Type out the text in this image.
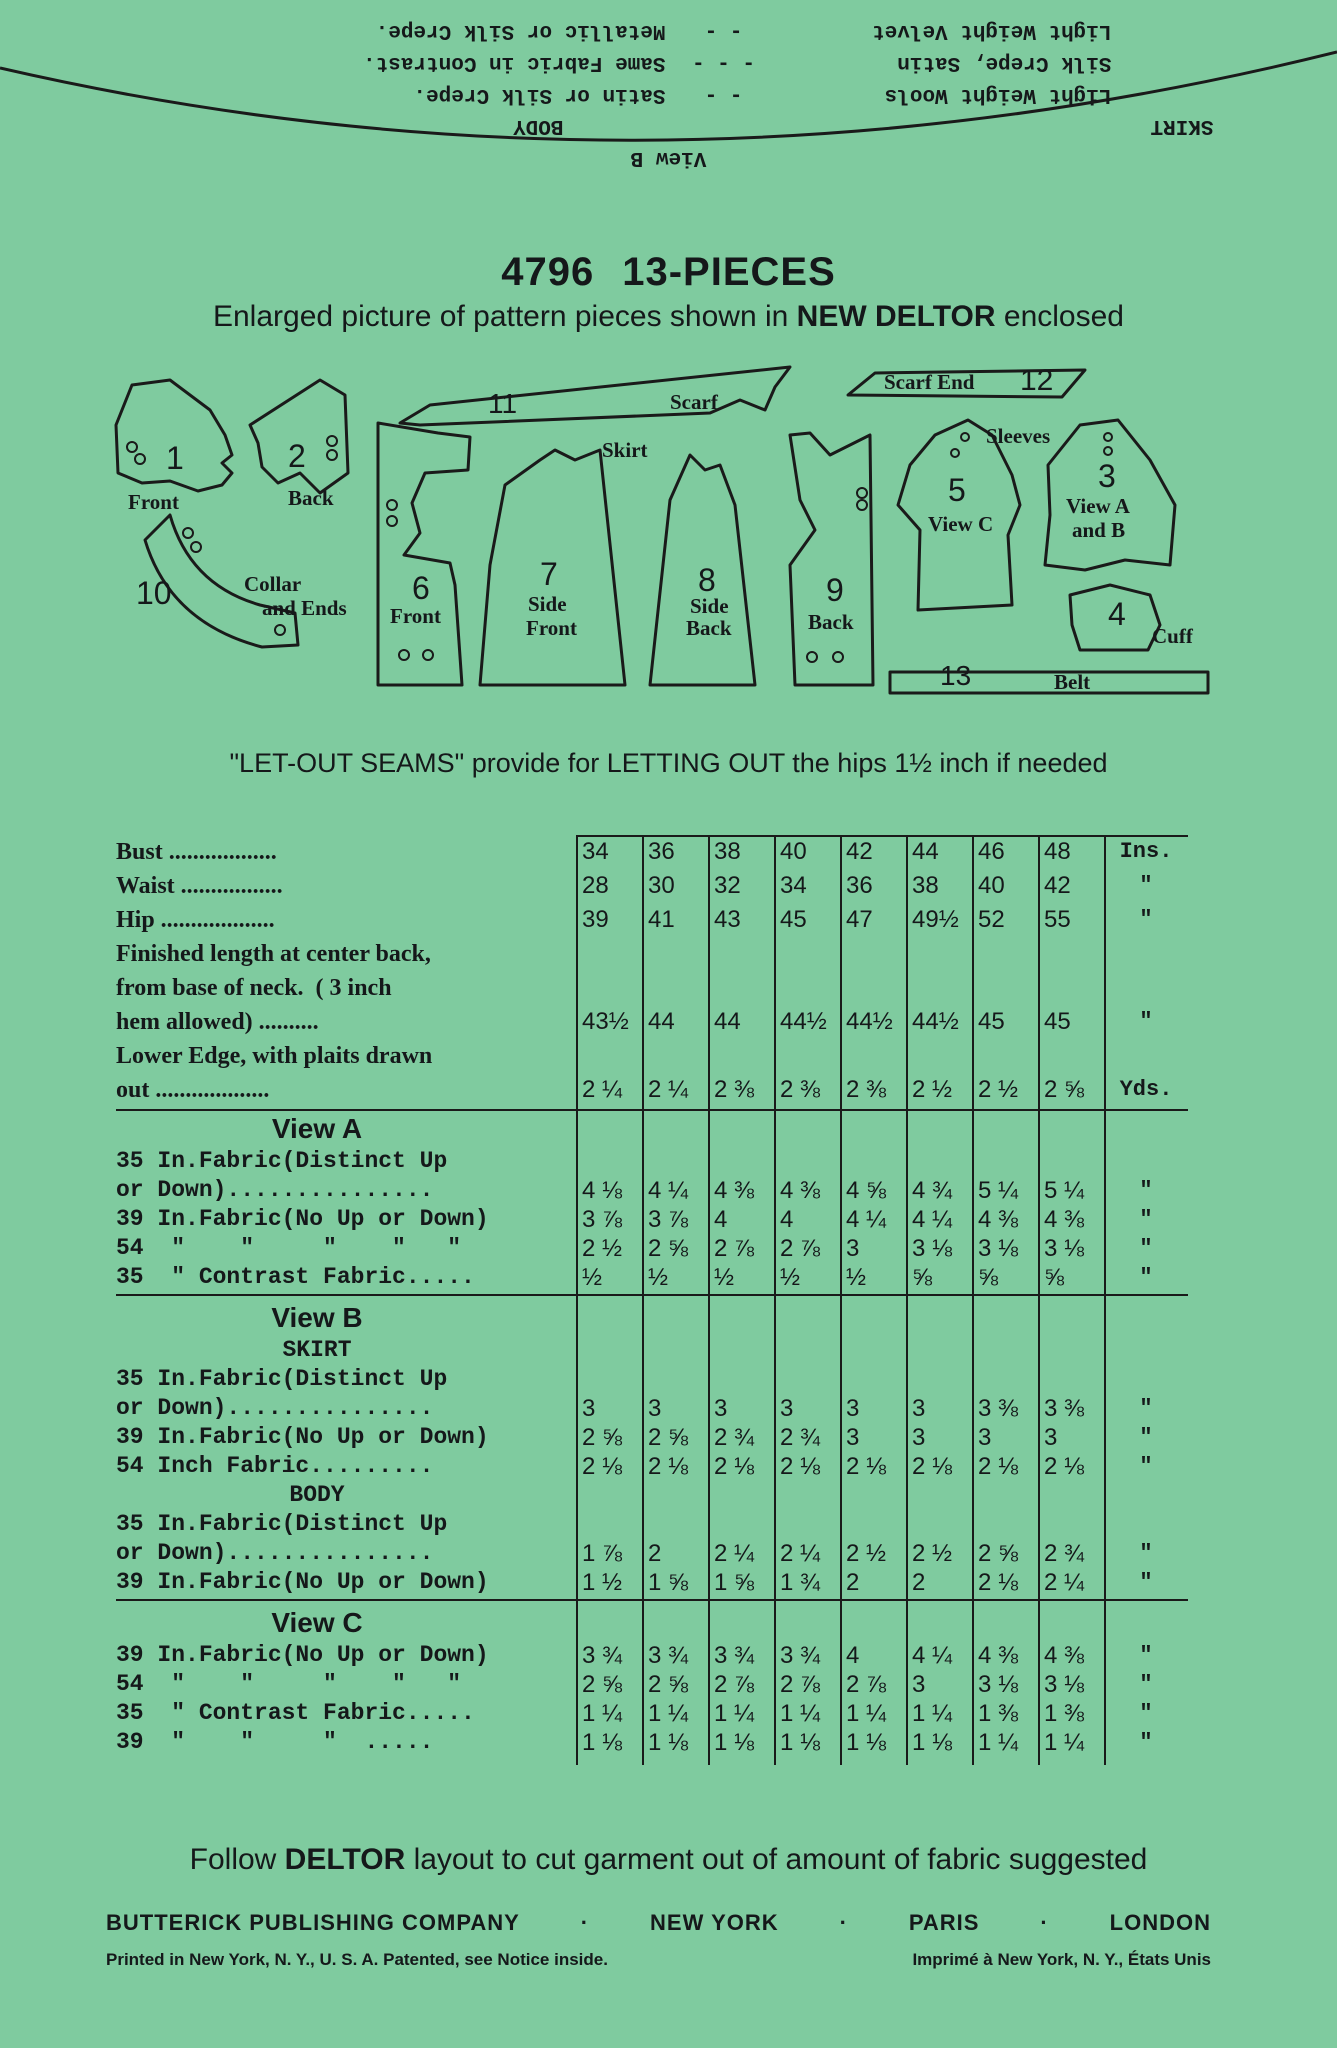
View B
SKIRT
BODY
Light Weight Wools
- -
Satin or Silk Crepe.
Silk Crepe, Satin
- - -
Same Fabric in Contrast.
Light Weight Velvet
- -
Metallic or Silk Crepe.
4796 13-PIECES
Enlarged picture of pattern pieces shown in NEW DELTOR enclosed
1
Front
2
Back
10	Collar
and Ends
11	Scarf
Skirt
6
Front
7
Side
Front
8
Side
Back
9
Back
Scarf End 12
Sleeves
5
View C
3
View A
and B
4
Cuff
13	Belt
"LET-OUT SEAMS" provide for LETTING OUT the hips 1½ inch if needed
Bust ..................	34	36	38	40	42	44	46	48	Ins.
Waist .................	28	30	32	34	36	38	40	42	"
Hip ...................	39	41	43	45	47	49½ 52	55	"
Finished length at center back,
from base of neck.  ( 3 inch
hem allowed) ..........	43½ 44	44	44½ 44½ 44½ 45	45	"
Lower Edge, with plaits drawn
out ...................	2 ¼	2 ¼	2 ⅜	2 ⅜	2 ⅜	2 ½	2 ½	2 ⅝	Yds.
View A
35 In.Fabric(Distinct Up
or Down)...............	4 ⅛	4 ¼	4 ⅜	4 ⅜	4 ⅝	4 ¾	5 ¼	5 ¼	"
39 In.Fabric(No Up or Down)	3 ⅞	3 ⅞	4	4	4 ¼	4 ¼	4 ⅜	4 ⅜	"
54  "    "     "    "   "	2 ½	2 ⅝	2 ⅞	2 ⅞	3	3 ⅛	3 ⅛	3 ⅛	"
35  " Contrast Fabric.....	½	½	½	½	½	⅝	⅝	⅝	"
View B
SKIRT
35 In.Fabric(Distinct Up
or Down)...............	3	3	3	3	3	3	3 ⅜	3 ⅜	"
39 In.Fabric(No Up or Down)	2 ⅝	2 ⅝	2 ¾	2 ¾	3	3	3	3	"
54 Inch Fabric.........	2 ⅛	2 ⅛	2 ⅛	2 ⅛	2 ⅛	2 ⅛	2 ⅛	2 ⅛	"
BODY
35 In.Fabric(Distinct Up
or Down)...............	1 ⅞	2	2 ¼	2 ¼	2 ½	2 ½	2 ⅝	2 ¾	"
39 In.Fabric(No Up or Down)	1 ½	1 ⅝	1 ⅝	1 ¾	2	2	2 ⅛	2 ¼	"
View C
39 In.Fabric(No Up or Down)	3 ¾	3 ¾	3 ¾	3 ¾	4	4 ¼	4 ⅜	4 ⅜	"
54  "    "     "    "   "	2 ⅝	2 ⅝	2 ⅞	2 ⅞	2 ⅞	3	3 ⅛	3 ⅛	"
35  " Contrast Fabric.....	1 ¼	1 ¼	1 ¼	1 ¼	1 ¼	1 ¼	1 ⅜	1 ⅜	"
39  "    "     "  .....	1 ⅛	1 ⅛	1 ⅛	1 ⅛	1 ⅛	1 ⅛	1 ¼	1 ¼	"
Follow DELTOR layout to cut garment out of amount of fabric suggested
BUTTERICK PUBLISHING COMPANY	·	NEW YORK	·	PARIS	·	LONDON
Printed in New York, N. Y., U. S. A. Patented, see Notice inside.	Imprimé à New York, N. Y., États Unis
